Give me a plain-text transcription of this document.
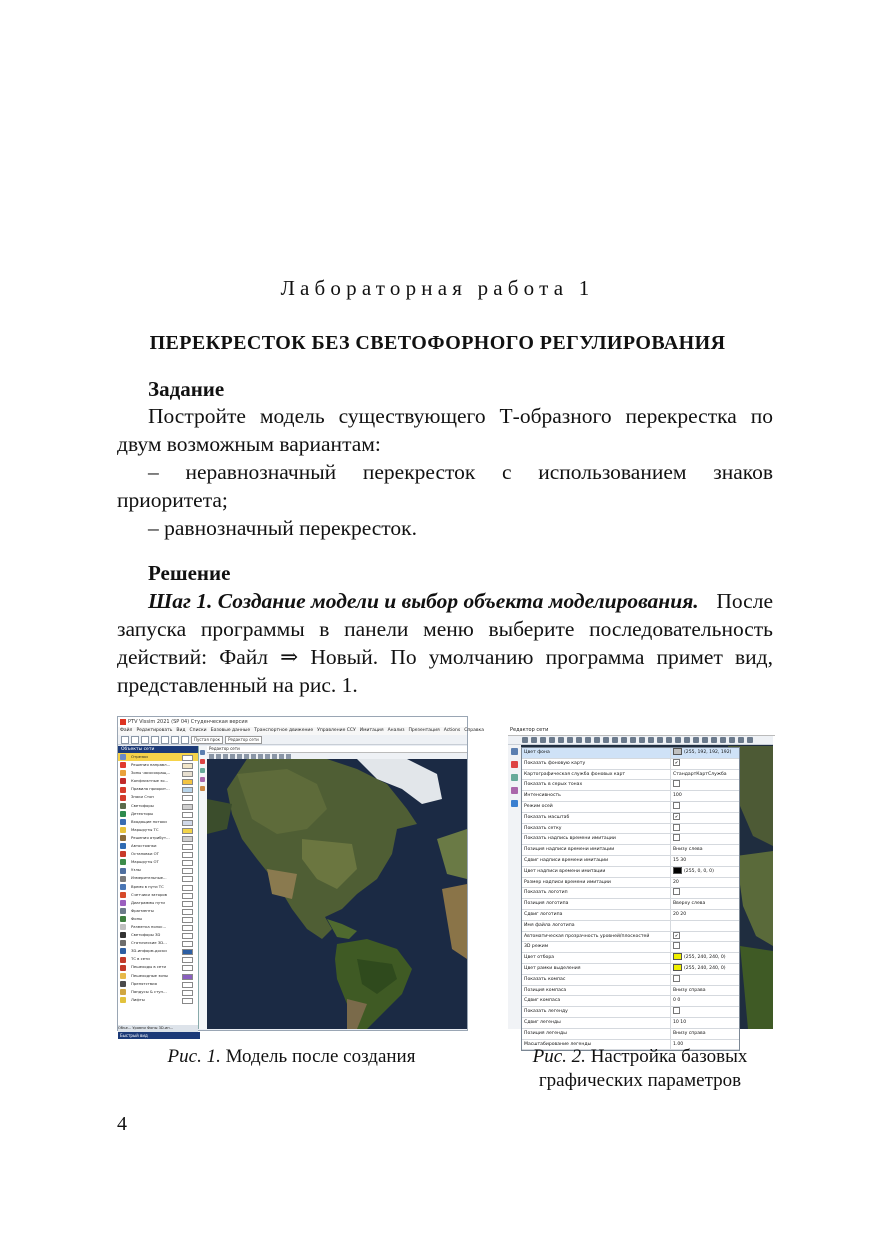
Лабораторная работа 1
ПЕРЕКРЕСТОК БЕЗ СВЕТОФОРНОГО РЕГУЛИРОВАНИЯ
Задание
Постройте модель существующего Т-образного перекрестка по
двум возможным вариантам:
– неравнозначный перекресток с использованием знаков
приоритета;
– равнозначный перекресток.
Решение
Шаг 1. Создание модели и выбор объекта моделирования. После
запуска программы в панели меню выберите последовательность
действий: Файл ⇒ Новый. По умолчанию программа примет вид,
представленный на рис. 1.
PTV Vissim 2021 (SP 04) Студенческая версия
Файл Редактировать Вид Списки Базовые данные Транспортное движение Управление ССУ Имитация Анализ Презентация Actions Справка
Пустая прок	Редактор сети
Объекты сети
Отрезки
Решения направл...
Зоны часосокращ...
Конфликтные зо...
Правила приорит...
Знаки Стоп
Светофоры
Детекторы
Входящие потоки
Маршруты ТС
Решения атрибут...
Автостоянки
Остановки ОТ
Маршруты ОТ
Узлы
Измерительные...
Время в пути ТС
Счетчики заторов
Диаграммы пути
Фрагменты
Фоны
Разметка полос...
Светофоры 3D
Статические 3D...
3D-информ-доски
ТС в сети
Пешеходы в сети
Пешеходные зоны
Препятствия
Пандусы & ступ...
Лифты
Объе... Уровни Фоны 3D-ин...
Быстрый вид
Редактор сети
Редактор сети
Цвет фона	(255, 192, 192, 192)
Показать фоновую карту	✔
Картографическая служба фоновых карт	СтандартКартСлужба
Показать в серых тонах
Интенсивность	100
Режим осей
Показать масштаб	✔
Показать сетку
Показать надпись времени имитации
Позиция надписи времени имитации	Внизу слева
Сдвиг надписи времени имитации	15 30
Цвет надписи времени имитации	(255, 0, 0, 0)
Размер надписи времени имитации	20
Показать логотип
Позиция логотипа	Вверху слева
Сдвиг логотипа	20 20
Имя файла логотипа
Автоматическая прозрачность уровней/плоскостей	✔
3D режим
Цвет отбора	(255, 240, 240, 0)
Цвет рамки выделения	(255, 240, 240, 0)
Показать компас
Позиция компаса	Внизу справа
Сдвиг компаса	0 0
Показать легенду
Сдвиг легенды	10 10
Позиция легенды	Внизу справа
Масштабирование легенды	1.00
Рис. 1. Модель после создания	Рис. 2. Настройка базовых
графических параметров
4
